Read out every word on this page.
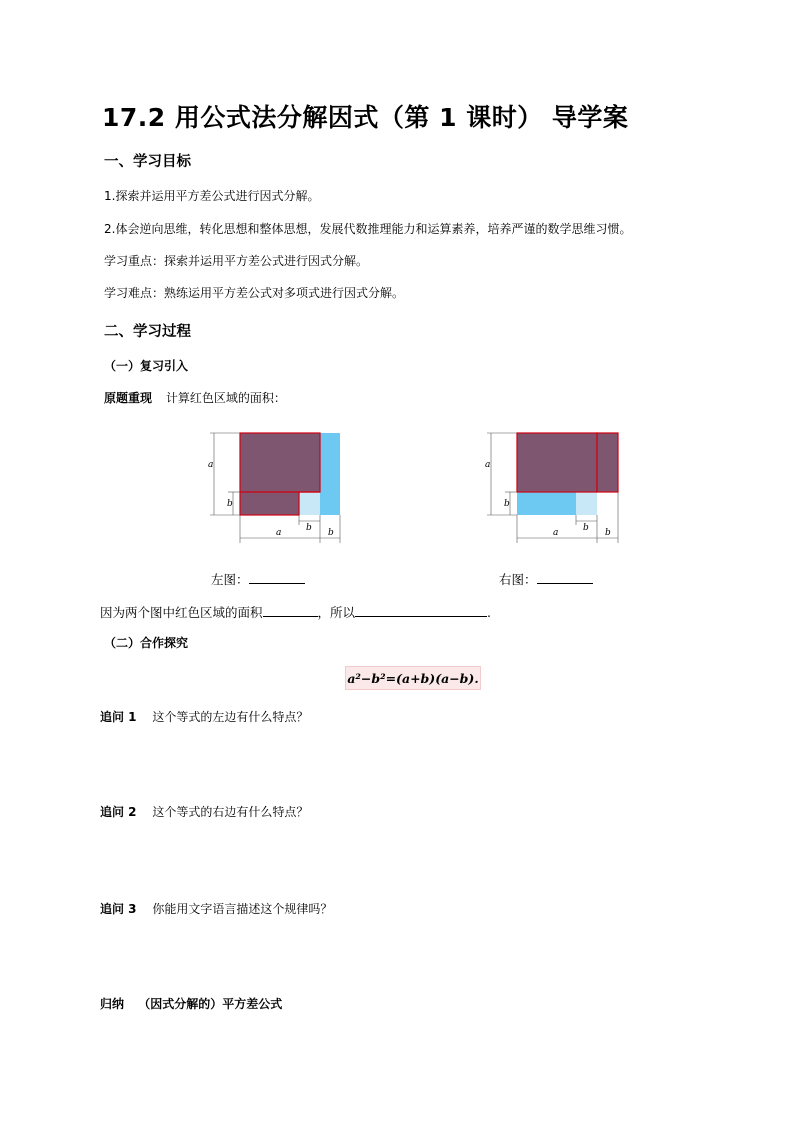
17.2 用公式法分解因式（第 1 课时） 导学案
一、学习目标
1.探索并运用平方差公式进行因式分解。
2.体会逆向思维，转化思想和整体思想，发展代数推理能力和运算素养，培养严谨的数学思维习惯。
学习重点：探索并运用平方差公式进行因式分解。
学习难点：熟练运用平方差公式对多项式进行因式分解。
二、学习过程
（一）复习引入
原题重现 计算红色区域的面积：
a
b
a	b b
a
b
a	b b
左图：	右图：
因为两个图中红色区域的面积	，所以	.
（二）合作探究
a²−b²=(a+b)(a−b).
追问 1 这个等式的左边有什么特点？
追问 2 这个等式的右边有什么特点？
追问 3 你能用文字语言描述这个规律吗？
归纳 （因式分解的）平方差公式
